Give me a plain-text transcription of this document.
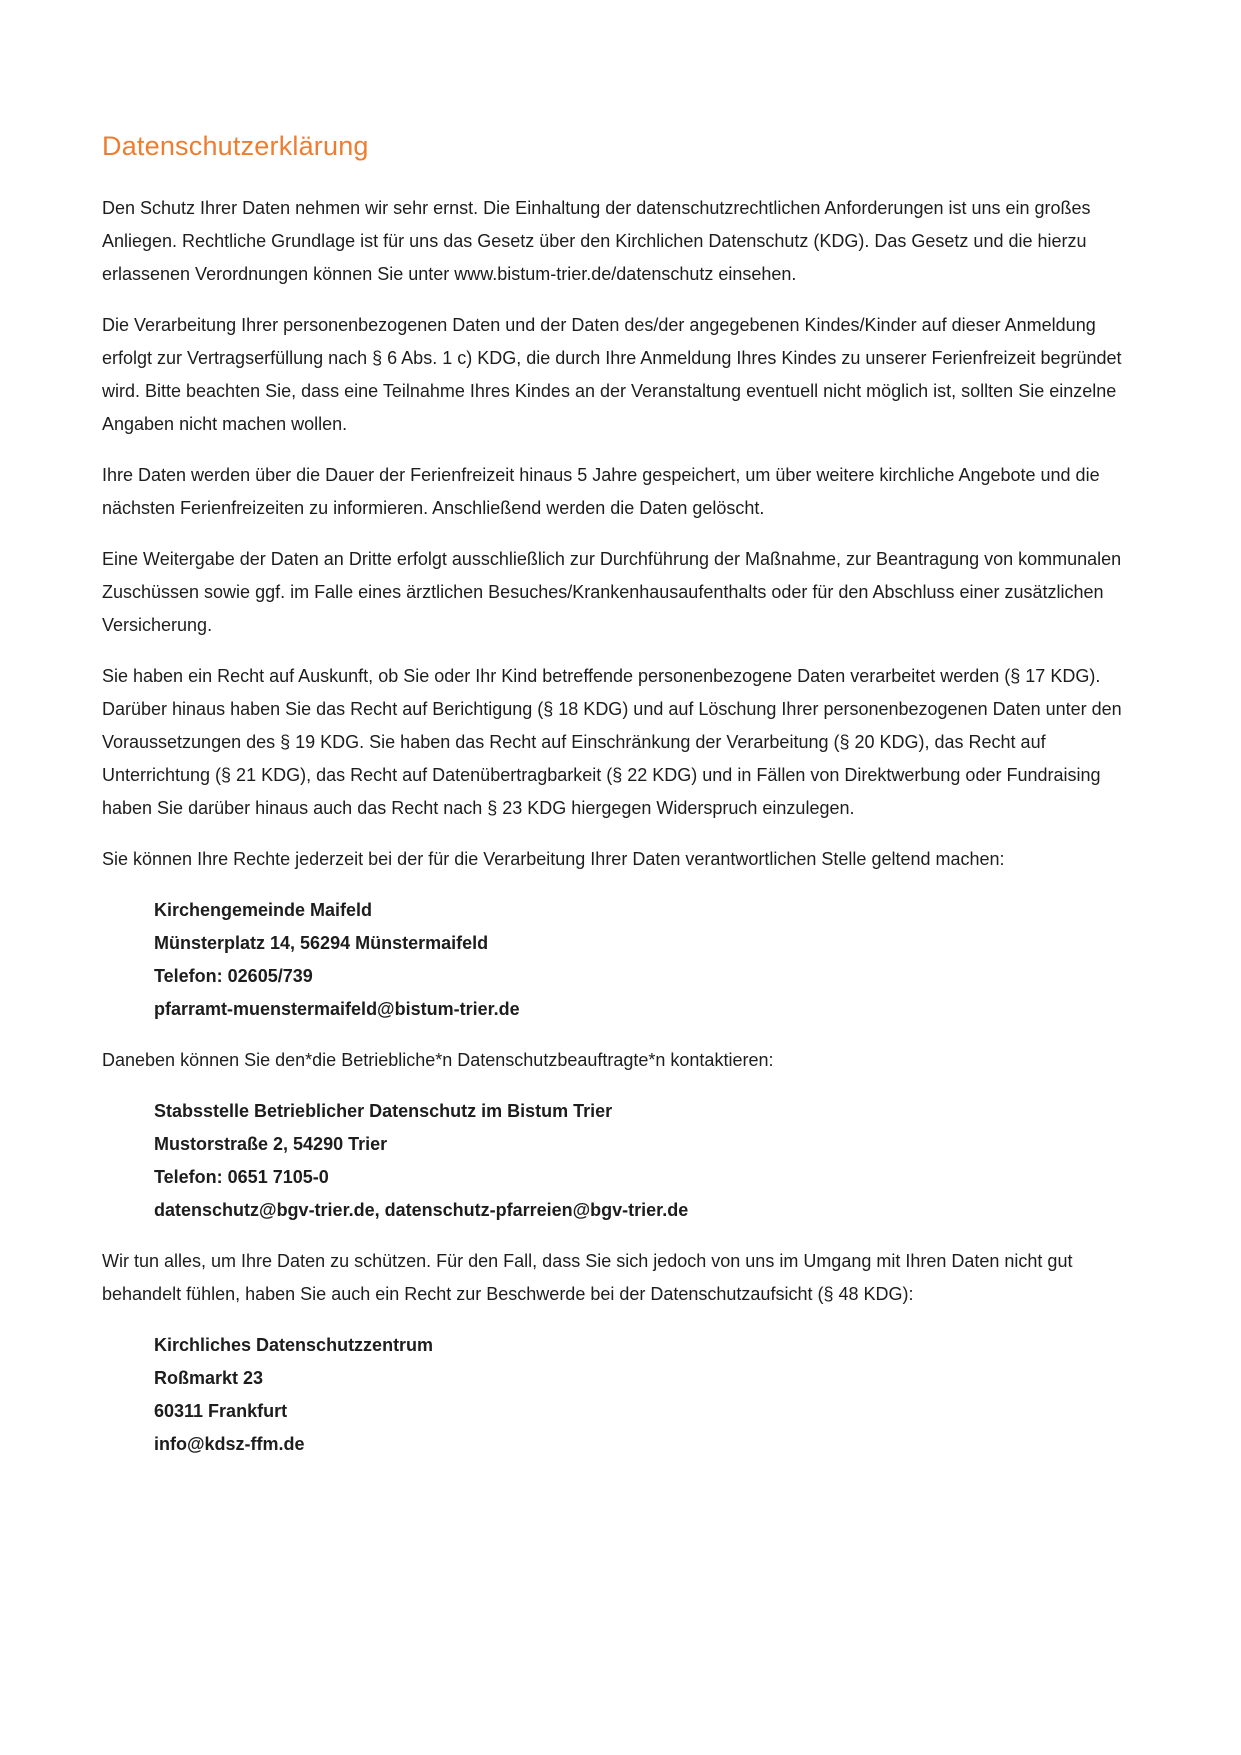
Datenschutzerklärung

Den Schutz Ihrer Daten nehmen wir sehr ernst. Die Einhaltung der datenschutzrechtlichen Anforderungen ist uns ein großes Anliegen. Rechtliche Grundlage ist für uns das Gesetz über den Kirchlichen Datenschutz (KDG). Das Gesetz und die hierzu erlassenen Verordnungen können Sie unter www.bistum-trier.de/datenschutz einsehen.

Die Verarbeitung Ihrer personenbezogenen Daten und der Daten des/der angegebenen Kindes/Kinder auf dieser Anmeldung erfolgt zur Vertragserfüllung nach § 6 Abs. 1 c) KDG, die durch Ihre Anmeldung Ihres Kindes zu unserer Ferienfreizeit begründet wird. Bitte beachten Sie, dass eine Teilnahme Ihres Kindes an der Veranstaltung eventuell nicht möglich ist, sollten Sie einzelne Angaben nicht machen wollen.

Ihre Daten werden über die Dauer der Ferienfreizeit hinaus 5 Jahre gespeichert, um über weitere kirchliche Angebote und die nächsten Ferienfreizeiten zu informieren. Anschließend werden die Daten gelöscht.

Eine Weitergabe der Daten an Dritte erfolgt ausschließlich zur Durchführung der Maßnahme, zur Beantragung von kommunalen Zuschüssen sowie ggf. im Falle eines ärztlichen Besuches/Krankenhausaufenthalts oder für den Abschluss einer zusätzlichen Versicherung.

Sie haben ein Recht auf Auskunft, ob Sie oder Ihr Kind betreffende personenbezogene Daten verarbeitet werden (§ 17 KDG). Darüber hinaus haben Sie das Recht auf Berichtigung (§ 18 KDG) und auf Löschung Ihrer personenbezogenen Daten unter den Voraussetzungen des § 19 KDG. Sie haben das Recht auf Einschränkung der Verarbeitung (§ 20 KDG), das Recht auf Unterrichtung (§ 21 KDG), das Recht auf Datenübertragbarkeit (§ 22 KDG) und in Fällen von Direktwerbung oder Fundraising haben Sie darüber hinaus auch das Recht nach § 23 KDG hiergegen Widerspruch einzulegen.

Sie können Ihre Rechte jederzeit bei der für die Verarbeitung Ihrer Daten verantwortlichen Stelle geltend machen:

Kirchengemeinde Maifeld
Münsterplatz 14, 56294 Münstermaifeld
Telefon: 02605/739
pfarramt-muenstermaifeld@bistum-trier.de

Daneben können Sie den*die Betriebliche*n Datenschutzbeauftragte*n kontaktieren:

Stabsstelle Betrieblicher Datenschutz im Bistum Trier
Mustorstraße 2, 54290 Trier
Telefon: 0651 7105-0
datenschutz@bgv-trier.de, datenschutz-pfarreien@bgv-trier.de

Wir tun alles, um Ihre Daten zu schützen. Für den Fall, dass Sie sich jedoch von uns im Umgang mit Ihren Daten nicht gut behandelt fühlen, haben Sie auch ein Recht zur Beschwerde bei der Datenschutzaufsicht (§ 48 KDG):

Kirchliches Datenschutzzentrum
Roßmarkt 23
60311 Frankfurt
info@kdsz-ffm.de
